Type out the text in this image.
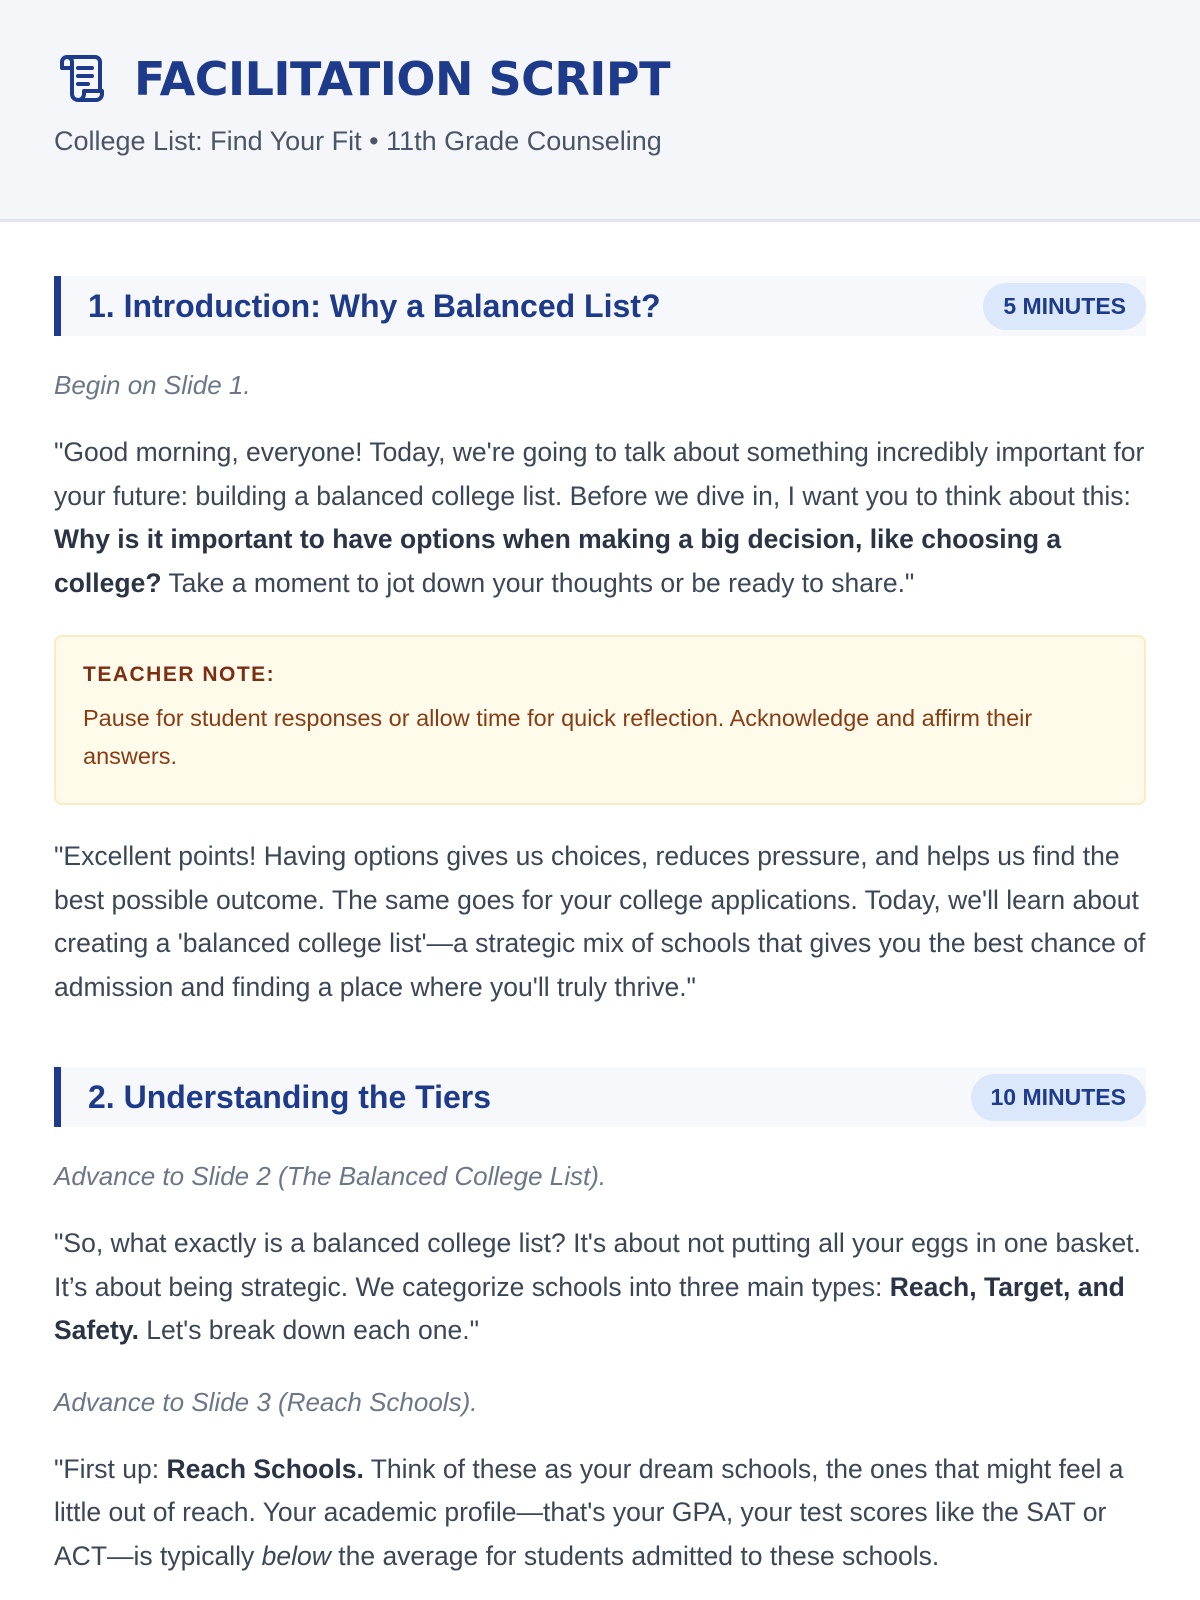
FACILITATION SCRIPT
College List: Find Your Fit • 11th Grade Counseling
1. Introduction: Why a Balanced List?	5 MINUTES

Begin on Slide 1.

"Good morning, everyone! Today, we're going to talk about something incredibly important for your future: building a balanced college list. Before we dive in, I want you to think about this: Why is it important to have options when making a big decision, like choosing a college? Take a moment to jot down your thoughts or be ready to share."

TEACHER NOTE:

Pause for student responses or allow time for quick reflection. Acknowledge and affirm their answers.

"Excellent points! Having options gives us choices, reduces pressure, and helps us find the best possible outcome. The same goes for your college applications. Today, we'll learn about creating a 'balanced college list'—a strategic mix of schools that gives you the best chance of admission and finding a place where you'll truly thrive."

2. Understanding the Tiers	10 MINUTES

Advance to Slide 2 (The Balanced College List).

"So, what exactly is a balanced college list? It's about not putting all your eggs in one basket. It’s about being strategic. We categorize schools into three main types: Reach, Target, and Safety. Let's break down each one."

Advance to Slide 3 (Reach Schools).

"First up: Reach Schools. Think of these as your dream schools, the ones that might feel a little out of reach. Your academic profile—that's your GPA, your test scores like the SAT or ACT—is typically below the average for students admitted to these schools.
